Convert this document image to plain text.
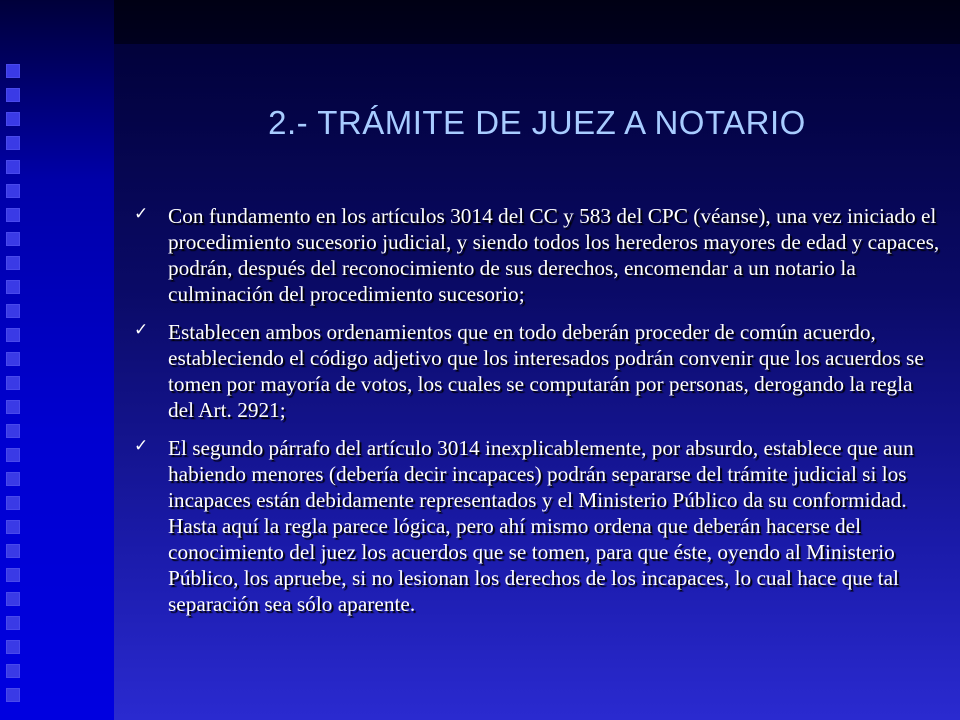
2.- TRÁMITE DE JUEZ A NOTARIO
✓ Con fundamento en los artículos 3014 del CC y 583 del CPC (véanse), una vez iniciado el procedimiento sucesorio judicial, y siendo todos los herederos mayores de edad y capaces, podrán, después del reconocimiento de sus derechos, encomendar a un notario la culminación del procedimiento sucesorio;
✓ Establecen ambos ordenamientos que en todo deberán proceder de común acuerdo, estableciendo el código adjetivo que los interesados podrán convenir que los acuerdos se tomen por mayoría de votos, los cuales se computarán por personas, derogando la regla del Art. 2921;
✓ El segundo párrafo del artículo 3014 inexplicablemente, por absurdo, establece que aun habiendo menores (debería decir incapaces) podrán separarse del trámite judicial si los incapaces están debidamente representados y el Ministerio Público da su conformidad. Hasta aquí la regla parece lógica, pero ahí mismo ordena que deberán hacerse del conocimiento del juez los acuerdos que se tomen, para que éste, oyendo al Ministerio Público, los apruebe, si no lesionan los derechos de los incapaces, lo cual hace que tal separación sea sólo aparente.
